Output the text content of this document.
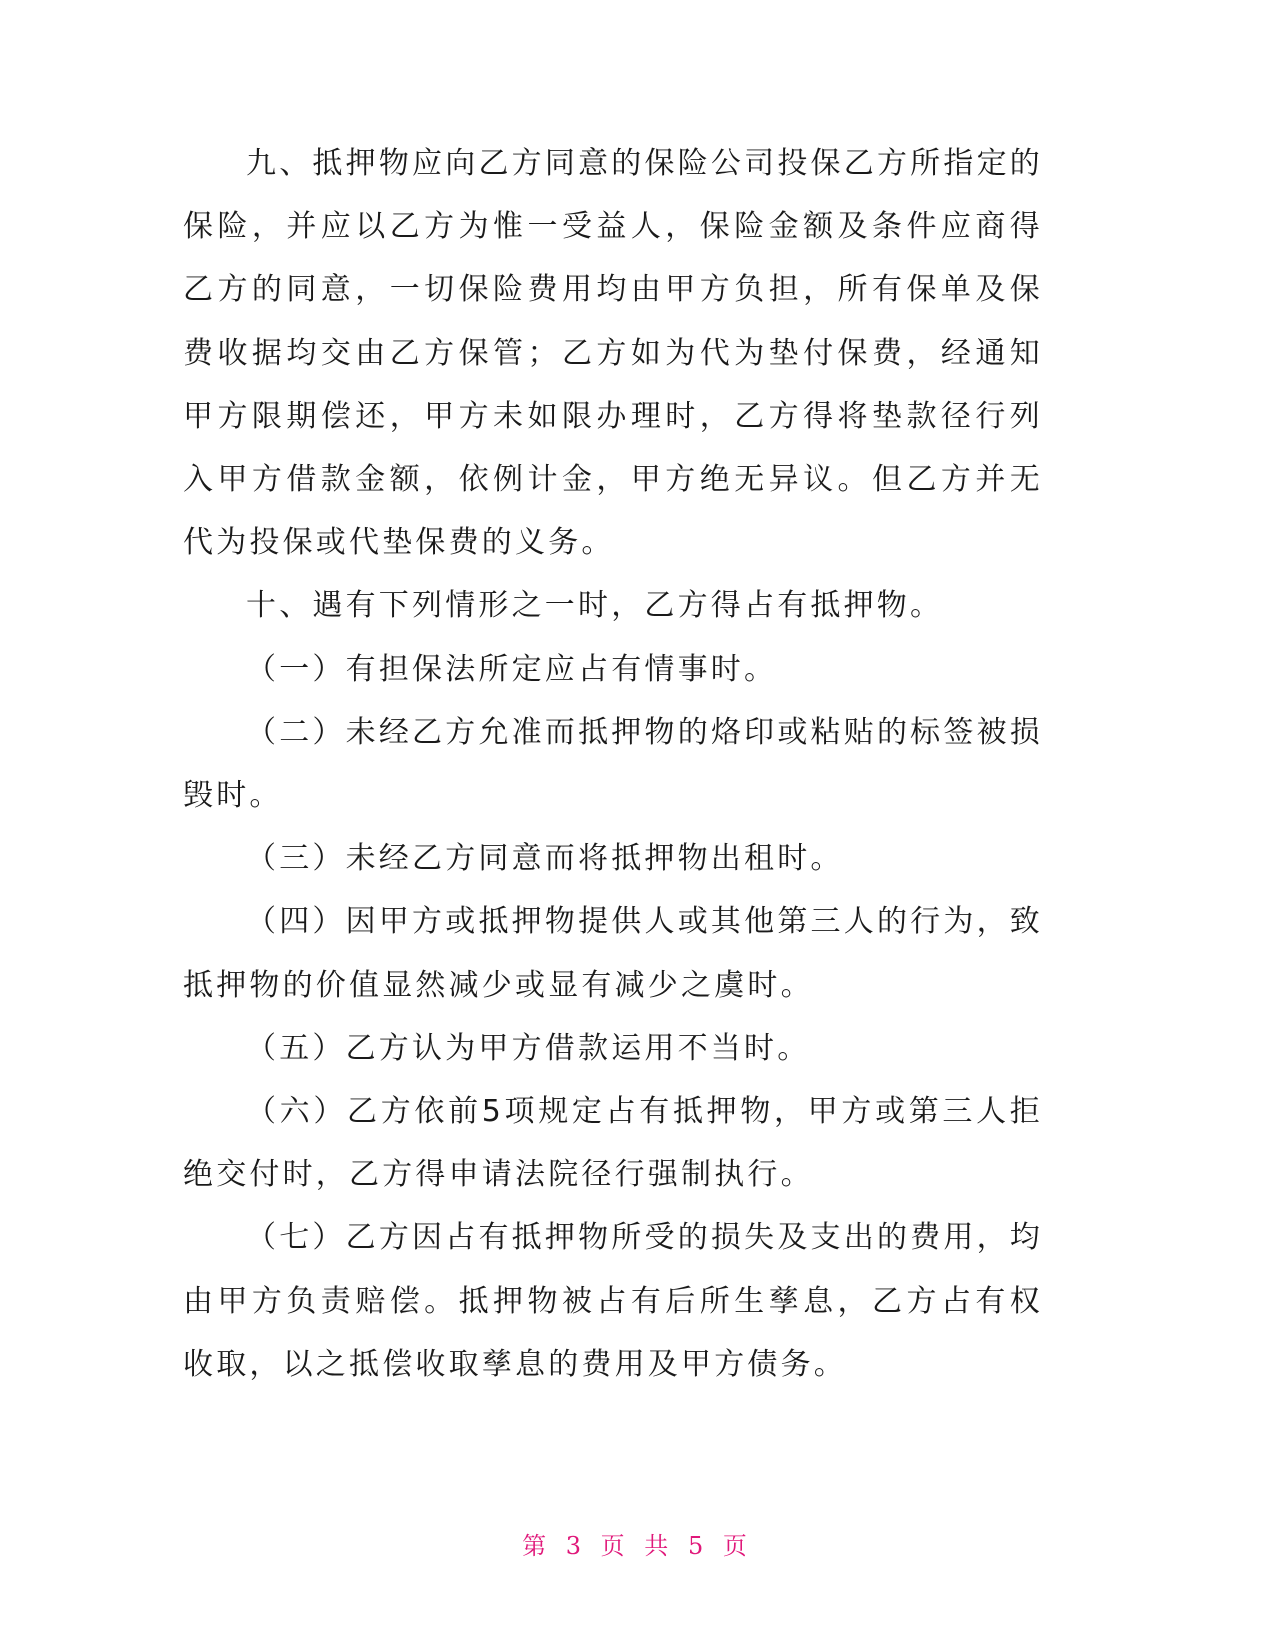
九、抵押物应向乙方同意的保险公司投保乙方所指定的保险，并应以乙方为惟一受益人，保险金额及条件应商得乙方的同意，一切保险费用均由甲方负担，所有保单及保费收据均交由乙方保管；乙方如为代为垫付保费，经通知甲方限期偿还，甲方未如限办理时，乙方得将垫款径行列入甲方借款金额，依例计金，甲方绝无异议。但乙方并无代为投保或代垫保费的义务。

十、遇有下列情形之一时，乙方得占有抵押物。

（一）有担保法所定应占有情事时。

（二）未经乙方允准而抵押物的烙印或粘贴的标签被损毁时。

（三）未经乙方同意而将抵押物出租时。

（四）因甲方或抵押物提供人或其他第三人的行为，致抵押物的价值显然减少或显有减少之虞时。

（五）乙方认为甲方借款运用不当时。

（六）乙方依前5项规定占有抵押物，甲方或第三人拒绝交付时，乙方得申请法院径行强制执行。

（七）乙方因占有抵押物所受的损失及支出的费用，均由甲方负责赔偿。抵押物被占有后所生孳息，乙方占有权收取，以之抵偿收取孳息的费用及甲方债务。

第 3 页 共 5 页
